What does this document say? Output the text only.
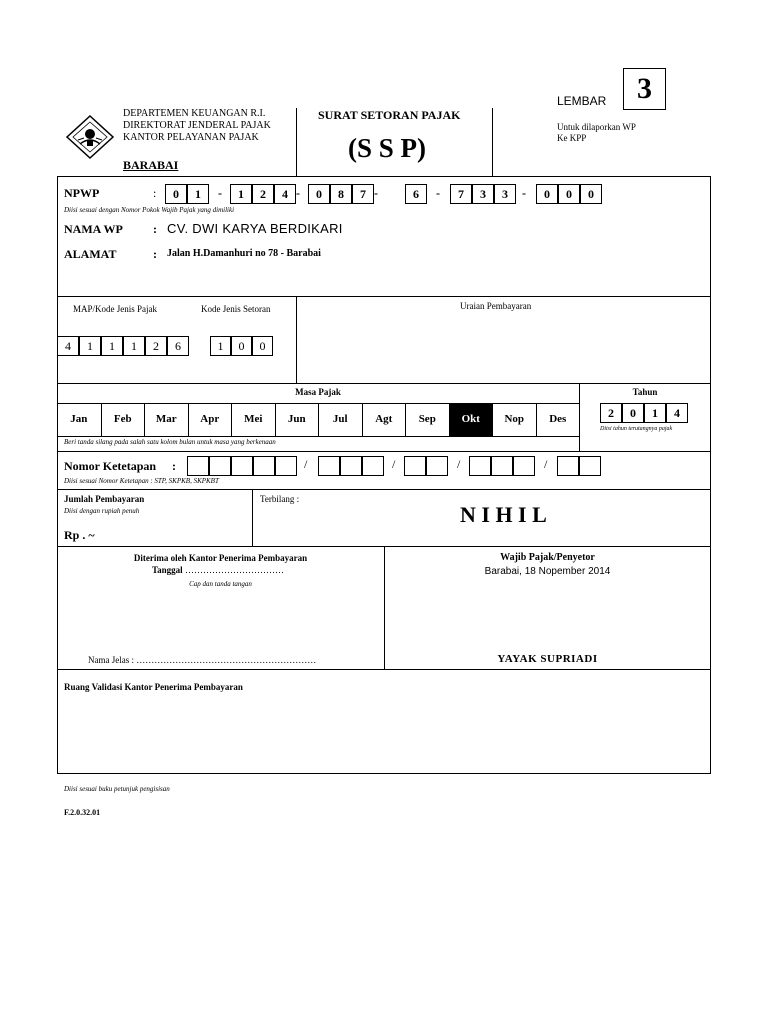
DEPARTEMEN KEUANGAN R.I.
DIREKTORAT JENDERAL PAJAK
KANTOR PELAYANAN PAJAK
BARABAI
SURAT SETORAN PAJAK
(S S P)
LEMBAR	3
Untuk dilaporkan WP
Ke KPP
NPWP	:	0	1	1	2	4	0	8	7	6	7	3	3	0	0	0
-	-	-	-	-
Diisi sesuai dengan Nomor Pokok Wajib Pajak yang dimiliki
NAMA WP	: CV. DWI KARYA BERDIKARI
ALAMAT	: Jalan H.Damanhuri no 78 - Barabai
MAP/Kode Jenis Pajak	Kode Jenis Setoran	Uraian Pembayaran
4	1	1	1	2	6	1	0	0
Masa Pajak
Jan	Feb	Mar	Apr	Mei	Jun	Jul	Agt	Sep	Okt	Nop	Des
Beri tanda silang pada salah satu kolom bulan untuk masa yang berkenaan
Tahun
2	0	1	4
Diisi tahun terutangnya pajak
Nomor Ketetapan :	/	/	/	/
Diisi sesuai Nomor Ketetapan : STP, SKPKB, SKPKBT
Jumlah Pembayaran
Diisi dengan rupiah penuh
Rp . ~
Terbilang :
N I H I L
Diterima oleh Kantor Penerima Pembayaran
Tanggal ……………………………
Cap dan tanda tangan
Nama Jelas : ……………………………………………………
Wajib Pajak/Penyetor
Barabai, 18 Nopember 2014
YAYAK SUPRIADI
Ruang Validasi Kantor Penerima Pembayaran
Diisi sesuai buku petunjuk pengisisan
F.2.0.32.01
